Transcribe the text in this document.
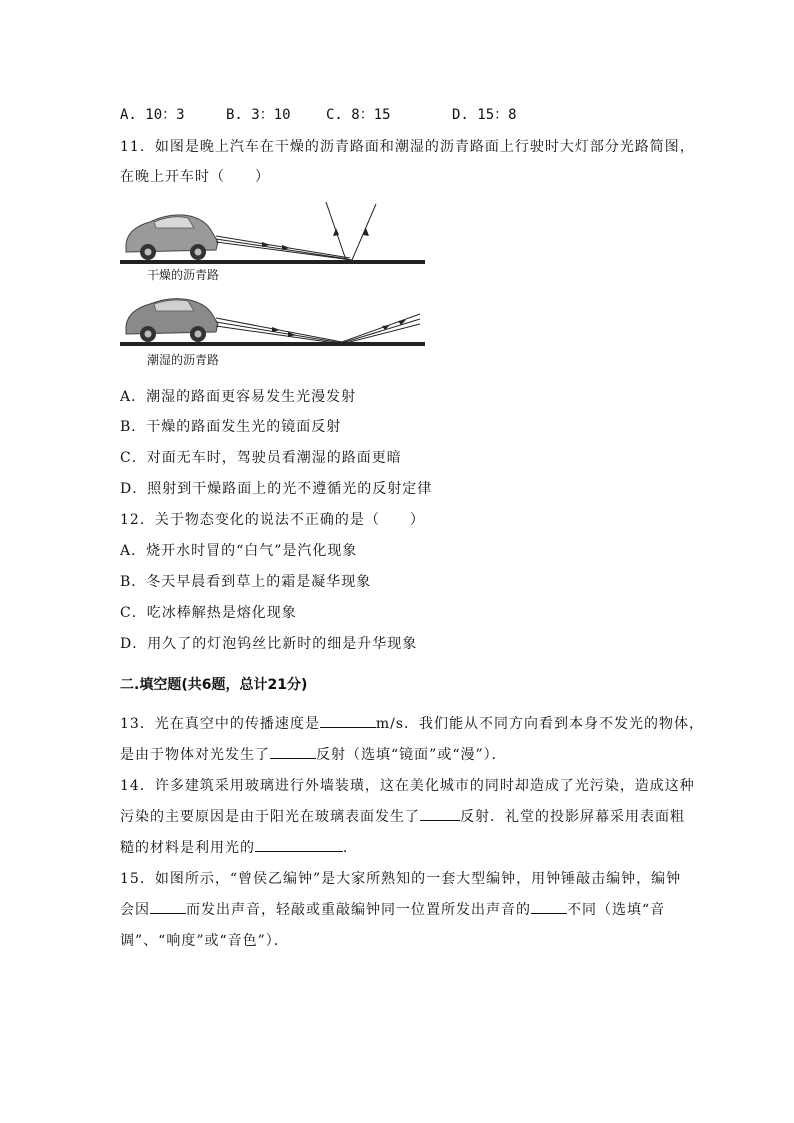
A. 10：3	B. 3：10	C. 8：15	D. 15：8
11．如图是晚上汽车在干燥的沥青路面和潮湿的沥青路面上行驶时大灯部分光路简图，
在晚上开车时（　　）
干燥的沥青路
潮湿的沥青路
A．潮湿的路面更容易发生光漫发射
B．干燥的路面发生光的镜面反射
C．对面无车时，驾驶员看潮湿的路面更暗
D．照射到干燥路面上的光不遵循光的反射定律
12．关于物态变化的说法不正确的是（　　）
A．烧开水时冒的“白气”是汽化现象
B．冬天早晨看到草上的霜是凝华现象
C．吃冰棒解热是熔化现象
D．用久了的灯泡钨丝比新时的细是升华现象
二.填空题(共6题，总计21分)
13．光在真空中的传播速度是	m/s．我们能从不同方向看到本身不发光的物体，
是由于物体对光发生了	反射（选填“镜面”或“漫”）．
14．许多建筑采用玻璃进行外墙装璜，这在美化城市的同时却造成了光污染，造成这种
污染的主要原因是由于阳光在玻璃表面发生了	反射．礼堂的投影屏幕采用表面粗
糙的材料是利用光的	．
15．如图所示，“曾侯乙编钟”是大家所熟知的一套大型编钟，用钟锤敲击编钟，编钟
会因	而发出声音，轻敲或重敲编钟同一位置所发出声音的	不同（选填“音
调”、“响度”或“音色”）．
